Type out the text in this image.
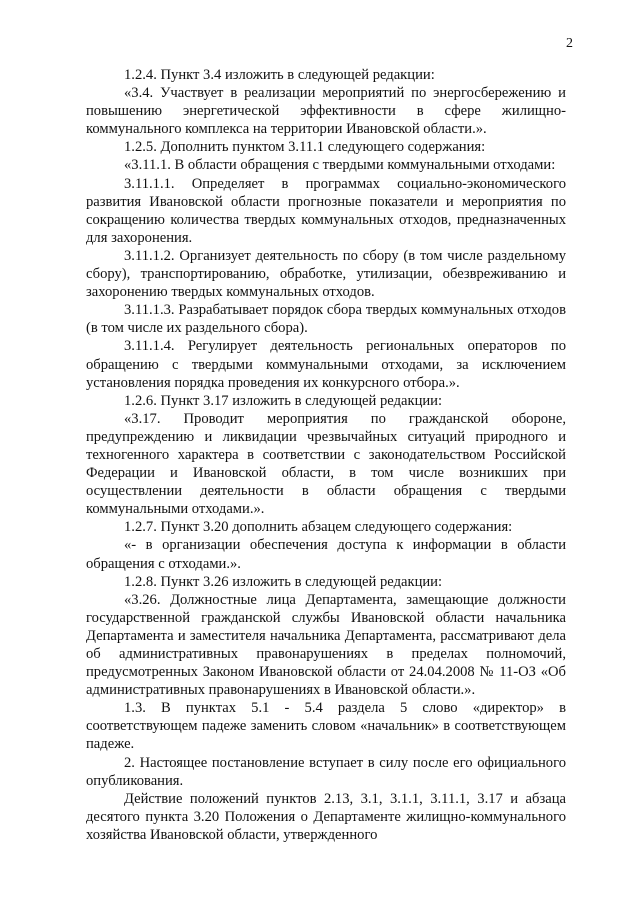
2

1.2.4. Пункт 3.4 изложить в следующей редакции:

«3.4. Участвует в реализации мероприятий по энергосбережению и повышению энергетической эффективности в сфере жилищно-коммунального комплекса на территории Ивановской области.».

1.2.5. Дополнить пунктом 3.11.1 следующего содержания:

«3.11.1. В области обращения с твердыми коммунальными отходами:

3.11.1.1. Определяет в программах социально-экономического развития Ивановской области прогнозные показатели и мероприятия по сокращению количества твердых коммунальных отходов, предназначенных для захоронения.

3.11.1.2. Организует деятельность по сбору (в том числе раздельному сбору), транспортированию, обработке, утилизации, обезвреживанию и захоронению твердых коммунальных отходов.

3.11.1.3. Разрабатывает порядок сбора твердых коммунальных отходов (в том числе их раздельного сбора).

3.11.1.4. Регулирует деятельность региональных операторов по обращению с твердыми коммунальными отходами, за исключением установления порядка проведения их конкурсного отбора.».

1.2.6. Пункт 3.17 изложить в следующей редакции:

«3.17. Проводит мероприятия по гражданской обороне, предупреждению и ликвидации чрезвычайных ситуаций природного и техногенного характера в соответствии с законодательством Российской Федерации и Ивановской области, в том числе возникших при осуществлении деятельности в области обращения с твердыми коммунальными отходами.».

1.2.7. Пункт 3.20 дополнить абзацем следующего содержания:

«- в организации обеспечения доступа к информации в области обращения с отходами.».

1.2.8. Пункт 3.26 изложить в следующей редакции:

«3.26. Должностные лица Департамента, замещающие должности государственной гражданской службы Ивановской области начальника Департамента и заместителя начальника Департамента, рассматривают дела об административных правонарушениях в пределах полномочий, предусмотренных Законом Ивановской области от 24.04.2008 № 11-ОЗ «Об административных правонарушениях в Ивановской области.».

1.3. В пунктах 5.1 - 5.4 раздела 5 слово «директор» в соответствующем падеже заменить словом «начальник» в соответствующем падеже.

2. Настоящее постановление вступает в силу после его официального опубликования.

Действие положений пунктов 2.13, 3.1, 3.1.1, 3.11.1, 3.17 и абзаца десятого пункта 3.20 Положения о Департаменте жилищно-коммунального хозяйства Ивановской области, утвержденного
